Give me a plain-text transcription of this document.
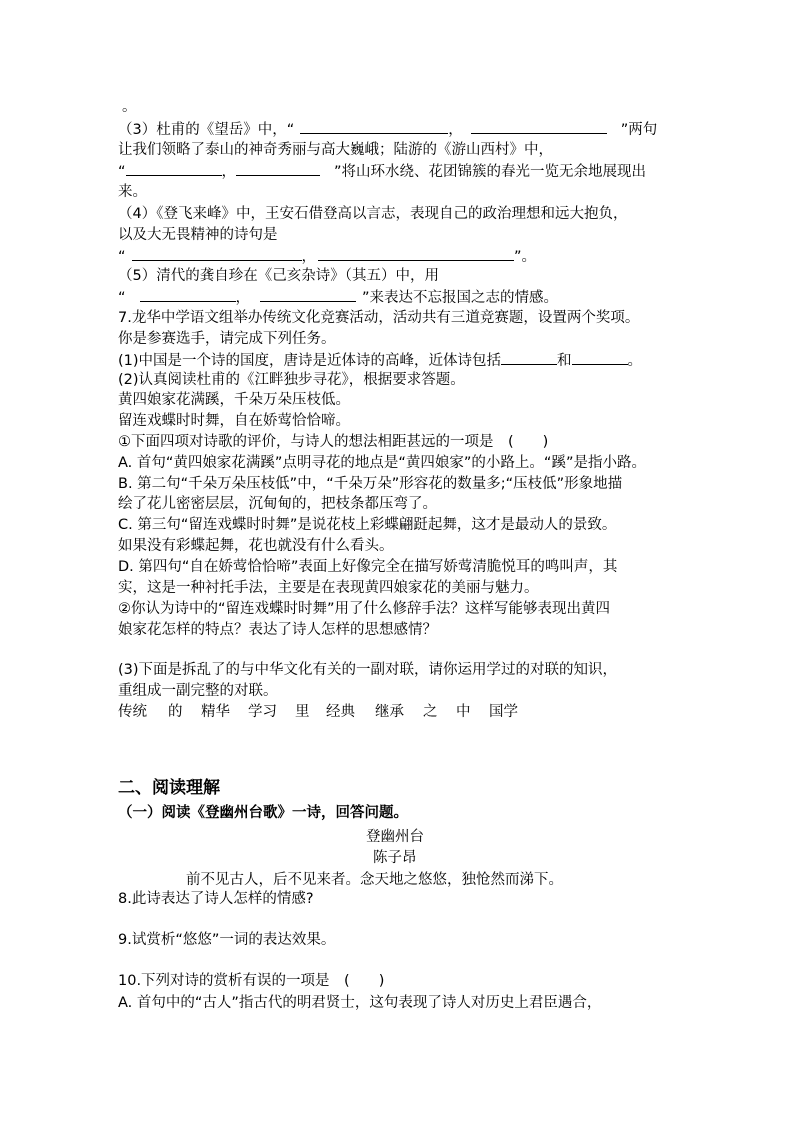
。
（3）杜甫的《望岳》中，“	，	”两句
让我们领略了泰山的神奇秀丽与高大巍峨；陆游的《游山西村》中，
“	，	”将山环水绕、花团锦簇的春光一览无余地展现出
来。
（4）《登飞来峰》中，王安石借登高以言志，表现自己的政治理想和远大抱负，
以及大无畏精神的诗句是
“	，	”。
（5）清代的龚自珍在《己亥杂诗》（其五）中，用
“	，	”来表达不忘报国之志的情感。
7.龙华中学语文组举办传统文化竞赛活动，活动共有三道竞赛题，设置两个奖项。
你是参赛选手，请完成下列任务。
(1)中国是一个诗的国度，唐诗是近体诗的高峰，近体诗包括	和	。
(2)认真阅读杜甫的《江畔独步寻花》，根据要求答题。
黄四娘家花满蹊，千朵万朵压枝低。
留连戏蝶时时舞，自在娇莺恰恰啼。
①下面四项对诗歌的评价，与诗人的想法相距甚远的一项是　(　　)
A. 首句“黄四娘家花满蹊”点明寻花的地点是“黄四娘家”的小路上。“蹊”是指小路。
B. 第二句“千朵万朵压枝低”中，“千朵万朵”形容花的数量多;“压枝低”形象地描
绘了花儿密密层层，沉甸甸的，把枝条都压弯了。
C. 第三句“留连戏蝶时时舞”是说花枝上彩蝶翩跹起舞，这才是最动人的景致。
如果没有彩蝶起舞，花也就没有什么看头。
D. 第四句“自在娇莺恰恰啼”表面上好像完全在描写娇莺清脆悦耳的鸣叫声，其
实，这是一种衬托手法，主要是在表现黄四娘家花的美丽与魅力。
②你认为诗中的“留连戏蝶时时舞”用了什么修辞手法？这样写能够表现出黄四
娘家花怎样的特点？表达了诗人怎样的思想感情？
(3)下面是拆乱了的与中华文化有关的一副对联，请你运用学过的对联的知识，
重组成一副完整的对联。
传统 的 精华 学习 里 经典 继承 之 中 国学
二、阅读理解
（一）阅读《登幽州台歌》一诗，回答问题。
登幽州台
陈子昂
前不见古人，后不见来者。念天地之悠悠，独怆然而涕下。
8.此诗表达了诗人怎样的情感?
9.试赏析“悠悠”一词的表达效果。
10.下列对诗的赏析有误的一项是　(　　)
A. 首句中的“古人”指古代的明君贤士，这句表现了诗人对历史上君臣遇合，
